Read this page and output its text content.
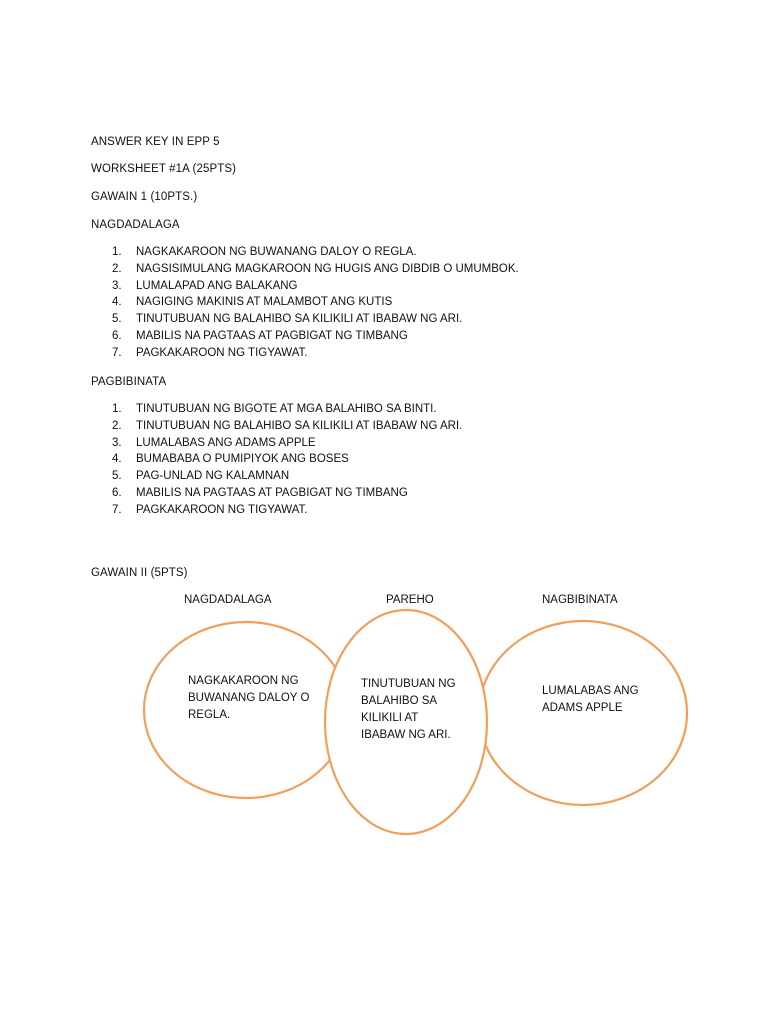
ANSWER KEY IN EPP 5
WORKSHEET #1A (25PTS)
GAWAIN 1 (10PTS.)
NAGDADALAGA
1. NAGKAKAROON NG BUWANANG DALOY O REGLA.
2. NAGSISIMULANG MAGKAROON NG HUGIS ANG DIBDIB O UMUMBOK.
3. LUMALAPAD ANG BALAKANG
4. NAGIGING MAKINIS AT MALAMBOT ANG KUTIS
5. TINUTUBUAN NG BALAHIBO SA KILIKILI AT IBABAW NG ARI.
6. MABILIS NA PAGTAAS AT PAGBIGAT NG TIMBANG
7. PAGKAKAROON NG TIGYAWAT.
PAGBIBINATA
1. TINUTUBUAN NG BIGOTE AT MGA BALAHIBO SA BINTI.
2. TINUTUBUAN NG BALAHIBO SA KILIKILI AT IBABAW NG ARI.
3. LUMALABAS ANG ADAMS APPLE
4. BUMABABA O PUMIPIYOK ANG BOSES
5. PAG-UNLAD NG KALAMNAN
6. MABILIS NA PAGTAAS AT PAGBIGAT NG TIMBANG
7. PAGKAKAROON NG TIGYAWAT.
GAWAIN II (5PTS)
NAGDADALAGA	PAREHO	NAGBIBINATA
NAGKAKAROON NG
BUWANANG DALOY O
REGLA.
TINUTUBUAN NG
BALAHIBO SA
KILIKILI AT
IBABAW NG ARI.
LUMALABAS ANG
ADAMS APPLE
